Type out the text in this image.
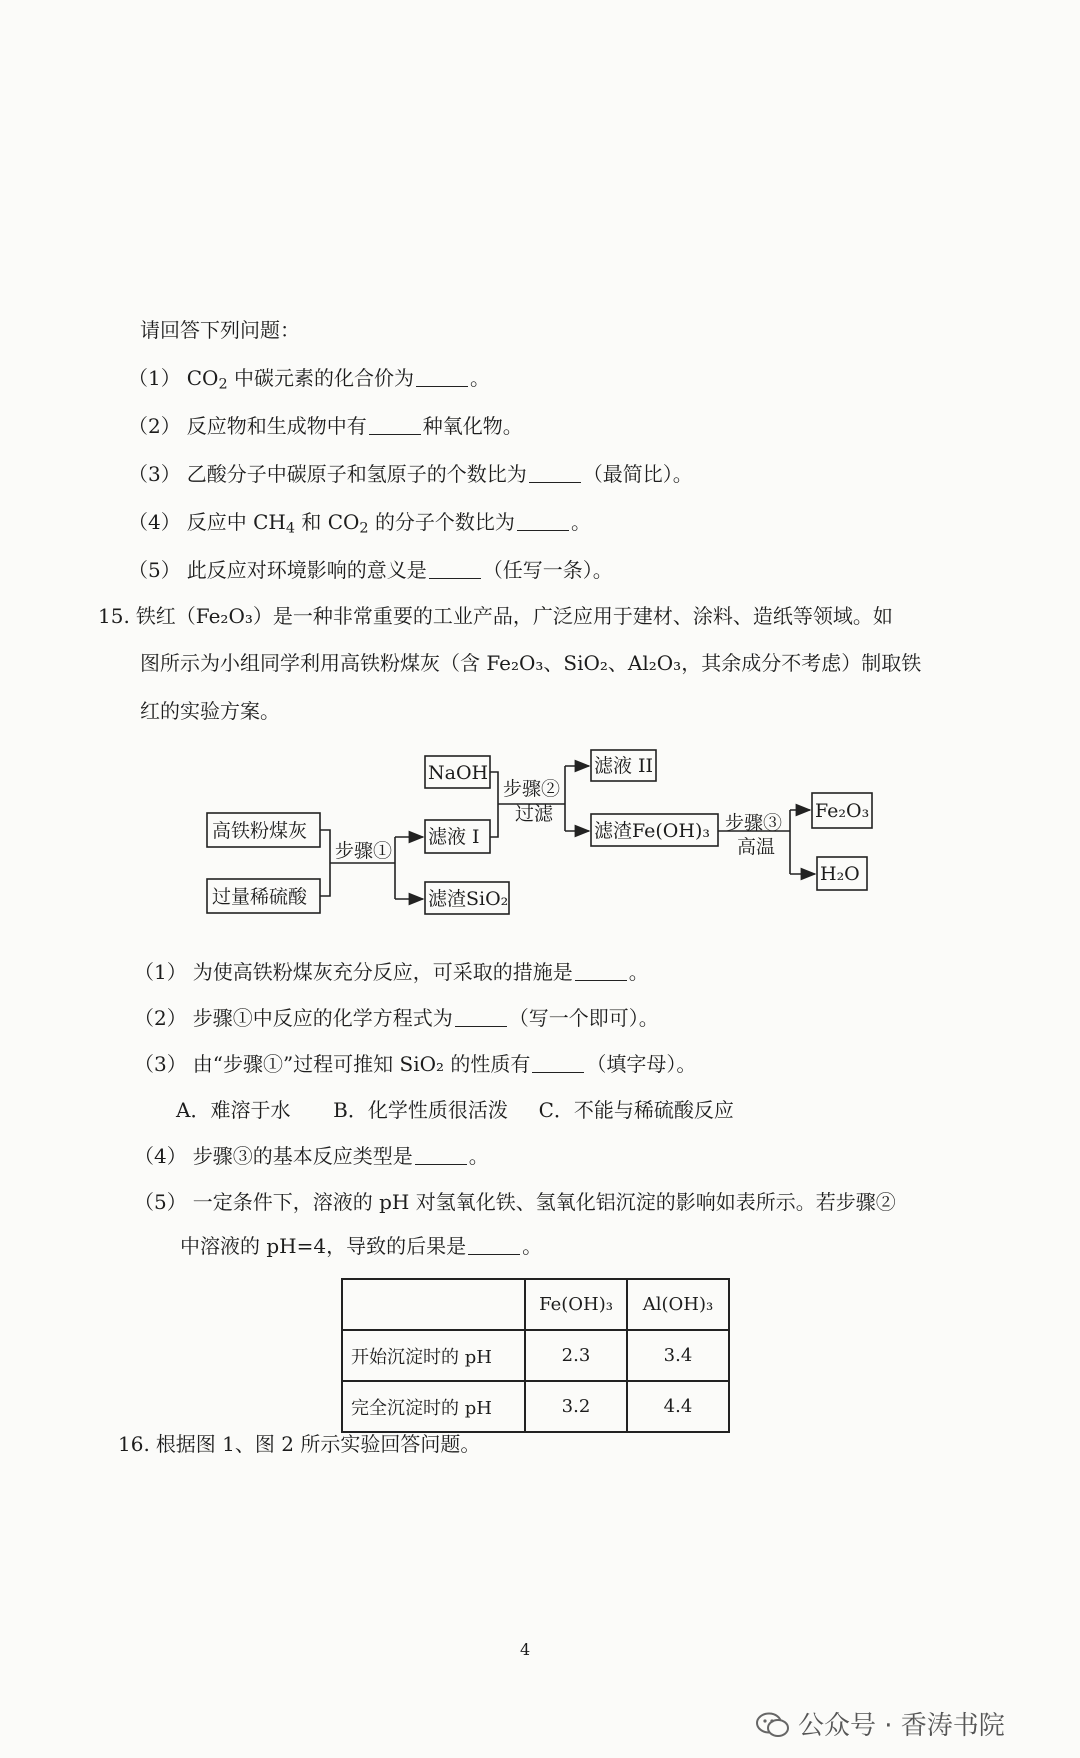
请回答下列问题：
（1） $CO_2$ 中碳元素的化合价为	。
（2） 反应物和生成物中有	种氧化物。
（3） 乙酸分子中碳原子和氢原子的个数比为	（最简比）。
（4） 反应中 $CH_4$ 和 $CO_2$ 的分子个数比为	。
（5） 此反应对环境影响的意义是	（任写一条）。
15. 铁红（Fe₂O₃）是一种非常重要的工业产品，广泛应用于建材、涂料、造纸等领域。如
图所示为小组同学利用高铁粉煤灰（含 Fe₂O₃、SiO₂、Al₂O₃，其余成分不考虑）制取铁
红的实验方案。
高铁粉煤灰
过量稀硫酸
NaOH
滤液 I
滤渣SiO₂
滤液 II
滤渣Fe(OH)₃
Fe₂O₃
H₂O
步骤①
步骤②
过滤	步骤③
高温
（1） 为使高铁粉煤灰充分反应，可采取的措施是	。
（2） 步骤①中反应的化学方程式为	（写一个即可）。
（3） 由“步骤①”过程可推知 SiO₂ 的性质有	（填字母）。
A．难溶于水 B．化学性质很活泼 C．不能与稀硫酸反应
（4） 步骤③的基本反应类型是	。
（5） 一定条件下，溶液的 pH 对氢氧化铁、氢氧化铝沉淀的影响如表所示。若步骤②
中溶液的 pH=4，导致的后果是	。
	Fe(OH)₃	Al(OH)₃
开始沉淀时的 pH	2.3	3.4
完全沉淀时的 pH	3.2	4.4
16. 根据图 1、图 2 所示实验回答问题。
4
公众号 · 香涛书院
